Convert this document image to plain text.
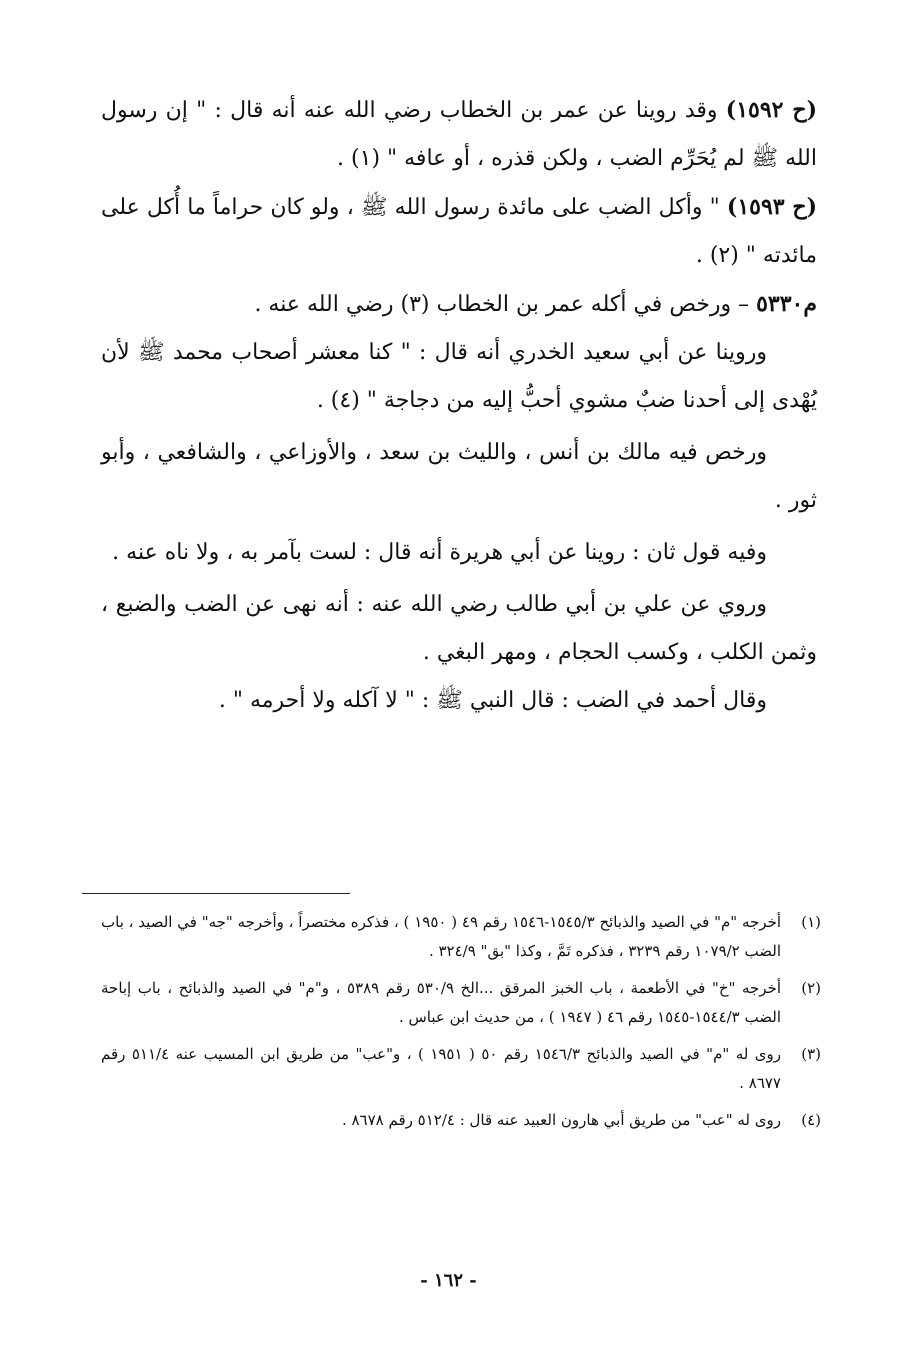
(ح ١٥٩٢) وقد روينا عن عمر بن الخطاب رضي الله عنه أنه قال : " إن رسول الله ﷺ لم يُحَرِّم الضب ، ولكن قذره ، أو عافه " (١) .

(ح ١٥٩٣) " وأكل الضب على مائدة رسول الله ﷺ ، ولو كان حراماً ما أُكل على مائدته " (٢) .

م٥٣٣٠ – ورخص في أكله عمر بن الخطاب (٣) رضي الله عنه .

وروينا عن أبي سعيد الخدري أنه قال : " كنا معشر أصحاب محمد ﷺ لأن يُهْدى إلى أحدنا ضبٌ مشوي أحبُّ إليه من دجاجة " (٤) .

ورخص فيه مالك بن أنس ، والليث بن سعد ، والأوزاعي ، والشافعي ، وأبو ثور .

وفيه قول ثان : روينا عن أبي هريرة أنه قال : لست بآمر به ، ولا ناه عنه .

وروي عن علي بن أبي طالب رضي الله عنه : أنه نهى عن الضب والضبع ، وثمن الكلب ، وكسب الحجام ، ومهر البغي .

وقال أحمد في الضب : قال النبي ﷺ : " لا آكله ولا أحرمه " .

(١)
أخرجه "م" في الصيد والذبائح ١٥٤٥/٣-١٥٤٦ رقم ٤٩ ( ١٩٥٠ ) ، فذكره مختصراً ، وأخرجه "جه" في الصيد ، باب الضب ١٠٧٩/٢ رقم ٣٢٣٩ ، فذكره تَمَّ ، وكذا "بق" ٣٢٤/٩ .
(٢)
أخرجه "خ" في الأطعمة ، باب الخبز المرقق ...الخ ٥٣٠/٩ رقم ٥٣٨٩ ، و"م" في الصيد والذبائح ، باب إباحة الضب ١٥٤٤/٣-١٥٤٥ رقم ٤٦ ( ١٩٤٧ ) ، من حديث ابن عباس .
(٣)
روى له "م" في الصيد والذبائح ١٥٤٦/٣ رقم ٥٠ ( ١٩٥١ ) ، و"عب" من طريق ابن المسيب عنه ٥١١/٤ رقم ٨٦٧٧ .
(٤)
روى له "عب" من طريق أبي هارون العبيد عنه قال : ٥١٢/٤ رقم ٨٦٧٨ .
- ١٦٢ -
